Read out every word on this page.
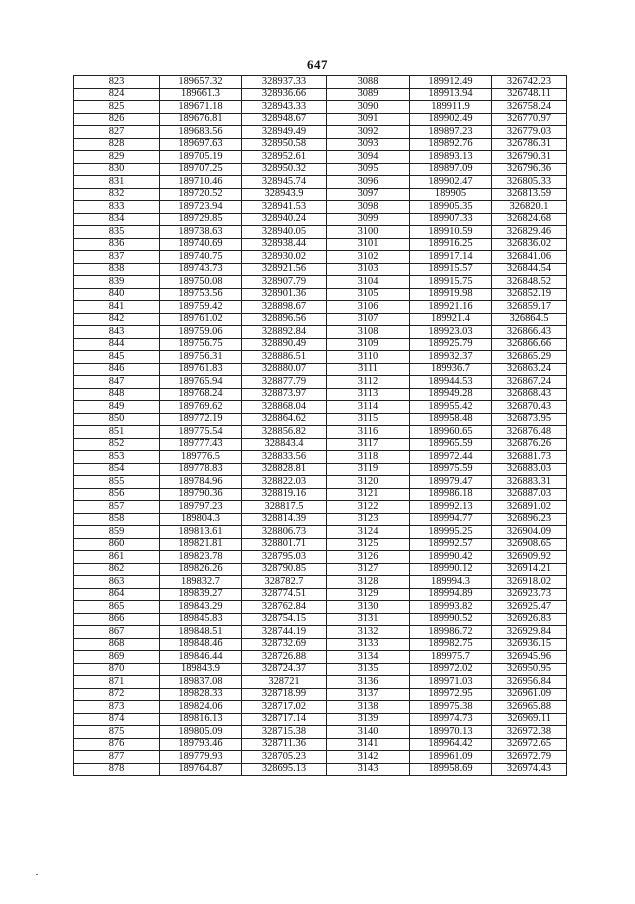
647
823	189657.32	328937.33	3088	189912.49	326742.23
824	189661.3	328936.66	3089	189913.94	326748.11
825	189671.18	328943.33	3090	189911.9	326758.24
826	189676.81	328948.67	3091	189902.49	326770.97
827	189683.56	328949.49	3092	189897.23	326779.03
828	189697.63	328950.58	3093	189892.76	326786.31
829	189705.19	328952.61	3094	189893.13	326790.31
830	189707.25	328950.32	3095	189897.09	326796.36
831	189710.46	328945.74	3096	189902.47	326805.33
832	189720.52	328943.9	3097	189905	326813.59
833	189723.94	328941.53	3098	189905.35	326820.1
834	189729.85	328940.24	3099	189907.33	326824.68
835	189738.63	328940.05	3100	189910.59	326829.46
836	189740.69	328938.44	3101	189916.25	326836.02
837	189740.75	328930.02	3102	189917.14	326841.06
838	189743.73	328921.56	3103	189915.57	326844.54
839	189750.08	328907.79	3104	189915.75	326848.52
840	189753.56	328901.36	3105	189919.98	326852.19
841	189759.42	328898.67	3106	189921.16	326859.17
842	189761.02	328896.56	3107	189921.4	326864.5
843	189759.06	328892.84	3108	189923.03	326866.43
844	189756.75	328890.49	3109	189925.79	326866.66
845	189756.31	328886.51	3110	189932.37	326865.29
846	189761.83	328880.07	3111	189936.7	326863.24
847	189765.94	328877.79	3112	189944.53	326867.24
848	189768.24	328873.97	3113	189949.28	326868.43
849	189769.62	328868.04	3114	189955.42	326870.43
850	189772.19	328864.62	3115	189958.48	326873.95
851	189775.54	328856.82	3116	189960.65	326876.48
852	189777.43	328843.4	3117	189965.59	326876.26
853	189776.5	328833.56	3118	189972.44	326881.73
854	189778.83	328828.81	3119	189975.59	326883.03
855	189784.96	328822.03	3120	189979.47	326883.31
856	189790.36	328819.16	3121	189986.18	326887.03
857	189797.23	328817.5	3122	189992.13	326891.02
858	189804.3	328814.39	3123	189994.77	326896.23
859	189813.61	328806.73	3124	189995.25	326904.09
860	189821.81	328801.71	3125	189992.57	326908.65
861	189823.78	328795.03	3126	189990.42	326909.92
862	189826.26	328790.85	3127	189990.12	326914.21
863	189832.7	328782.7	3128	189994.3	326918.02
864	189839.27	328774.51	3129	189994.89	326923.73
865	189843.29	328762.84	3130	189993.82	326925.47
866	189845.83	328754.15	3131	189990.52	326926.83
867	189848.51	328744.19	3132	189986.72	326929.84
868	189848.46	328732.69	3133	189982.75	326936.15
869	189846.44	328726.88	3134	189975.7	326945.96
870	189843.9	328724.37	3135	189972.02	326950.95
871	189837.08	328721	3136	189971.03	326956.84
872	189828.33	328718.99	3137	189972.95	326961.09
873	189824.06	328717.02	3138	189975.38	326965.88
874	189816.13	328717.14	3139	189974.73	326969.11
875	189805.09	328715.38	3140	189970.13	326972.38
876	189793.46	328711.36	3141	189964.42	326972.65
877	189779.93	328705.23	3142	189961.09	326972.79
878	189764.87	328695.13	3143	189958.69	326974.43
